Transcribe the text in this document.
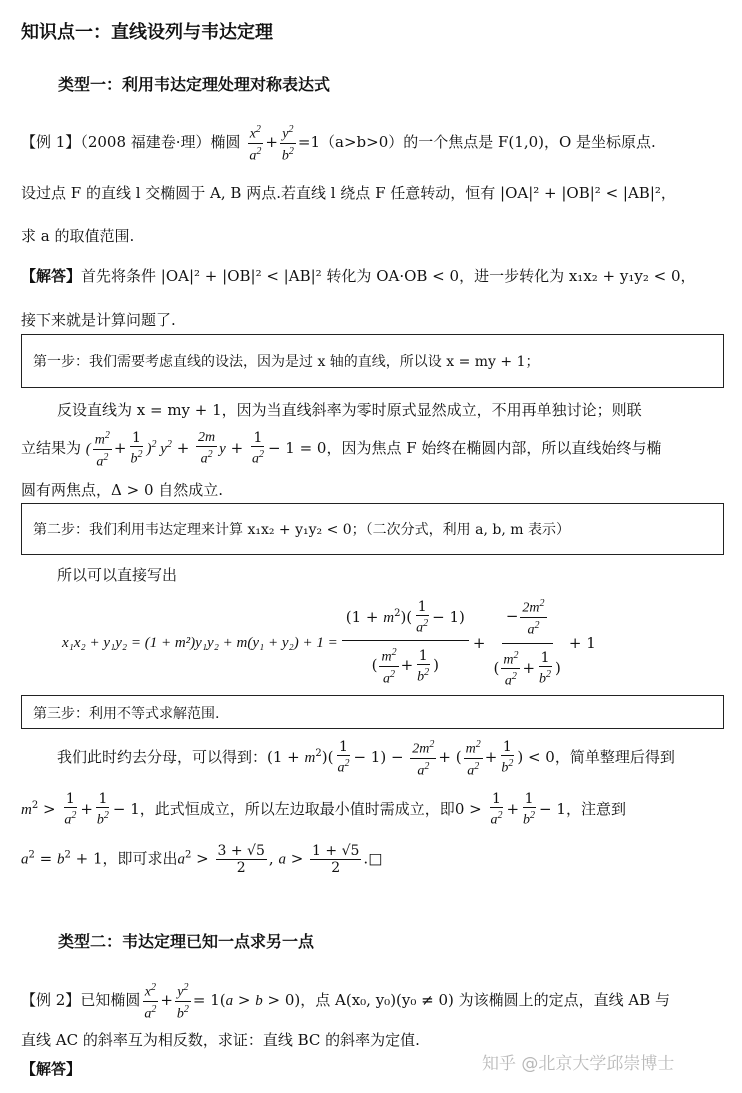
知识点一：直线设列与韦达定理
类型一：利用韦达定理处理对称表达式
【例 1】（2008 福建卷·理）椭圆 $\frac{x^2}{a^2} + \frac{y^2}{b^2} =1(a>b>0)$的一个焦点是 F(1,0)，O 是坐标原点.
设过点 F 的直线 l 交椭圆于 A, B 两点.若直线 l 绕点 F 任意转动，恒有 |OA|² + |OB|² < |AB|²，
求 a 的取值范围.
【解答】首先将条件 |OA|² + |OB|² < |AB|² 转化为 OA·OB < 0，进一步转化为 x₁x₂ + y₁y₂ < 0，
接下来就是计算问题了.
第一步：我们需要考虑直线的设法，因为是过 x 轴的直线，所以设 x = my + 1；
反设直线为 x = my + 1，因为当直线斜率为零时原式显然成立，不用再单独讨论；则联
立结果为 ( $\frac{m^2}{a^2} + \frac{1}{b^2} )^2$ $y^2 + \frac{2m}{a^2}$ $y + \frac{1}{a^2} - 1 = 0$，因为焦点 F 始终在椭圆内部，所以直线始终与椭
圆有两焦点，Δ > 0 自然成立.
第二步：我们利用韦达定理来计算 x₁x₂ + y₁y₂ < 0；（二次分式，利用 a, b, m 表示）
所以可以直接写出
$x_1x_2 + y_1y_2 = (1 + m^2)y_1y_2 + m(y_1 + y_2) + 1 = \frac{(1 + m^2)( \frac{1}{a^2} - 1)}{( \frac{m^2}{a^2} + \frac{1}{b^2} )} + \frac{- \frac{2m^2}{a^2}}{( \frac{m^2}{a^2} + \frac{1}{b^2} )} + 1$
第三步：利用不等式求解范围.
我们此时约去分母，可以得到：$(1 + m^2)( \frac{1}{a^2} - 1) - \frac{2m^2}{a^2}$ + ( $\frac{m^2}{a^2} + \frac{1}{b^2}$ ) < 0，简单整理后得到
$m^2 > \frac{1}{a^2} + \frac{1}{b^2} - 1$，此式恒成立，所以左边取最小值时需成立，即$0 > \frac{1}{a^2} + \frac{1}{b^2} - 1$，注意到
$a^2 = b^2 + 1$，即可求出$a^2 > \frac{3 + √5}{2}$ , $a > \frac{1 + √5}{2}$ .□
类型二：韦达定理已知一点求另一点
【例 2】已知椭圆 $\frac{x^2}{a^2} + \frac{y^2}{b^2} = 1(a > b > 0)$，点 A(x₀, y₀)(y₀ ≠ 0) 为该椭圆上的定点，直线 AB 与
直线 AC 的斜率互为相反数，求证：直线 BC 的斜率为定值.
【解答】	知乎 @北京大学邱崇博士
